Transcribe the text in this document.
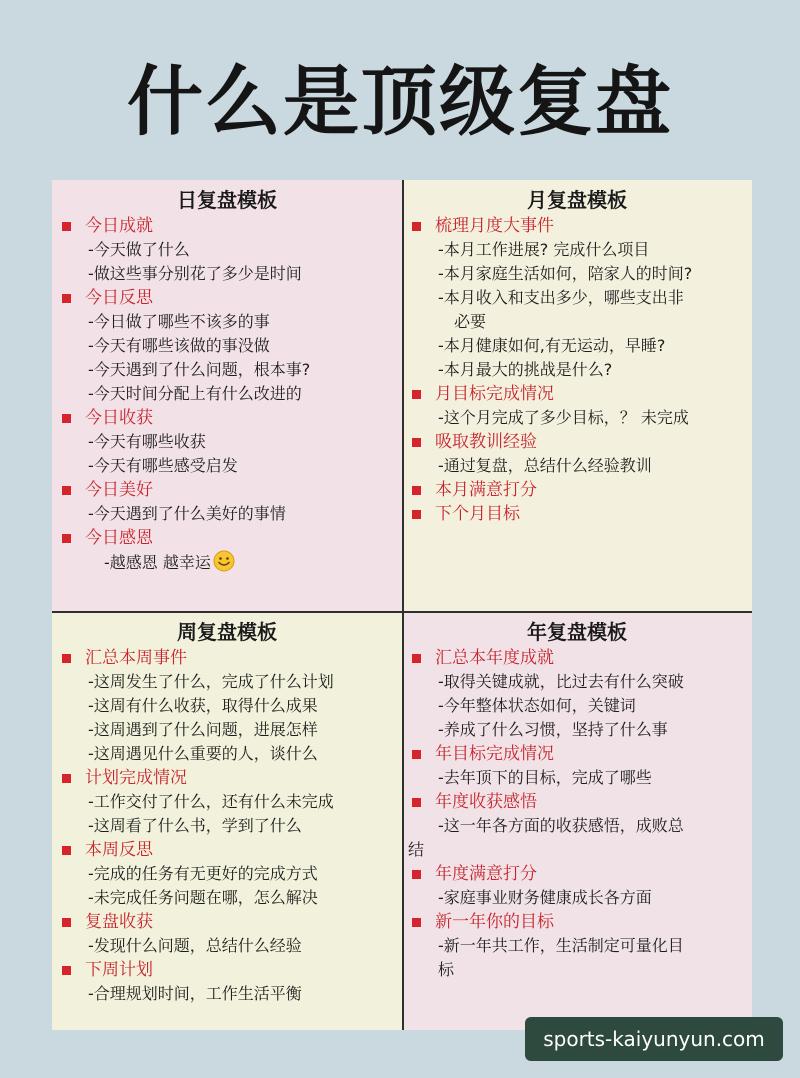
什么是顶级复盘
日复盘模板
今日成就
-今天做了什么
-做这些事分别花了多少是时间
今日反思
-今日做了哪些不该多的事
-今天有哪些该做的事没做
-今天遇到了什么问题，根本事?
-今天时间分配上有什么改进的
今日收获
-今天有哪些收获
-今天有哪些感受启发
今日美好
-今天遇到了什么美好的事情
今日感恩
-越感恩 越幸运
月复盘模板
梳理月度大事件
-本月工作进展? 完成什么项目
-本月家庭生活如何，陪家人的时间?
-本月收入和支出多少，哪些支出非
必要
-本月健康如何,有无运动，早睡?
-本月最大的挑战是什么?
月目标完成情况
-这个月完成了多少目标，？ 未完成
吸取教训经验
-通过复盘，总结什么经验教训
本月满意打分
下个月目标
周复盘模板
汇总本周事件
-这周发生了什么，完成了什么计划
-这周有什么收获，取得什么成果
-这周遇到了什么问题，进展怎样
-这周遇见什么重要的人，谈什么
计划完成情况
-工作交付了什么，还有什么未完成
-这周看了什么书，学到了什么
本周反思
-完成的任务有无更好的完成方式
-未完成任务问题在哪，怎么解决
复盘收获
-发现什么问题，总结什么经验
下周计划
-合理规划时间，工作生活平衡
年复盘模板
汇总本年度成就
-取得关键成就，比过去有什么突破
-今年整体状态如何，关键词
-养成了什么习惯，坚持了什么事
年目标完成情况
-去年顶下的目标，完成了哪些
年度收获感悟
-这一年各方面的收获感悟，成败总
结
年度满意打分
-家庭事业财务健康成长各方面
新一年你的目标
-新一年共工作，生活制定可量化目
标
sports-kaiyunyun.com
